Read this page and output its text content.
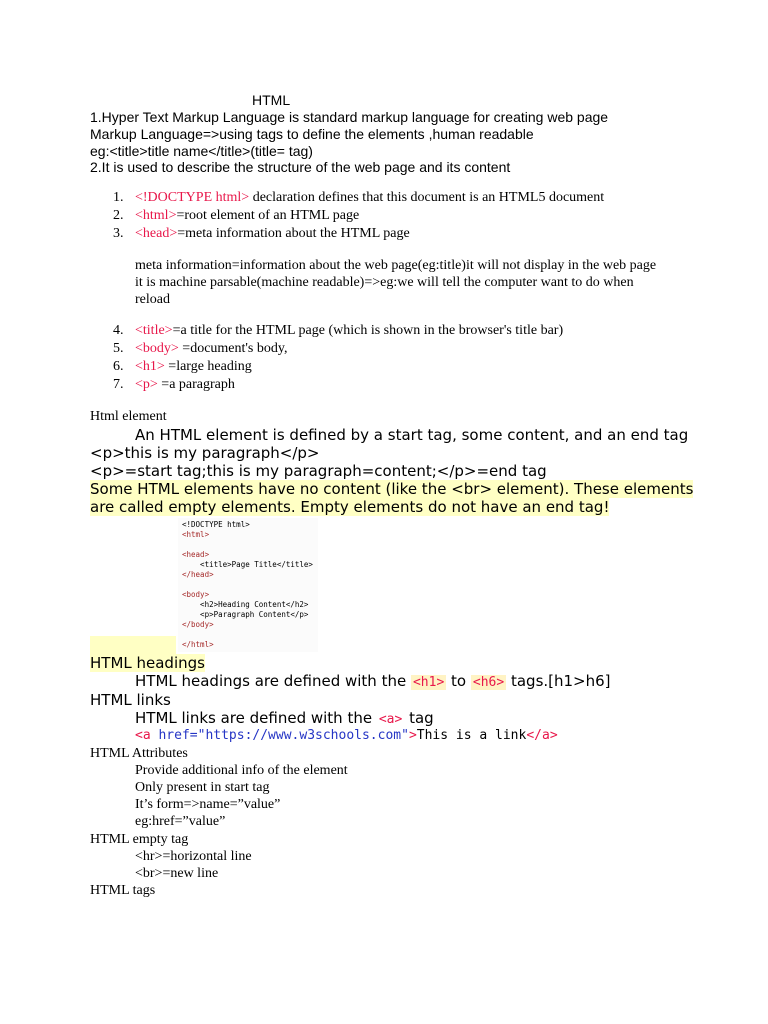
HTML
1.Hyper Text Markup Language is standard markup language for creating web page
Markup Language=>using tags to define the elements ,human readable
eg:<title>title name</title>(title= tag)
2.It is used to describe the structure of the web page and its content
1. <!DOCTYPE html> declaration defines that this document is an HTML5 document
2. <html>=root element of an HTML page
3. <head>=meta information about the HTML page
meta information=information about the web page(eg:title)it will not display in the web page
it is machine parsable(machine readable)=>eg:we will tell the computer want to do when
reload
4. <title>=a title for the HTML page (which is shown in the browser's title bar)
5. <body> =document's body,
6. <h1> =large heading
7. <p> =a paragraph
Html element
An HTML element is defined by a start tag, some content, and an end tag
<p>this is my paragraph</p>
<p>=start tag;this is my paragraph=content;</p>=end tag
Some HTML elements have no content (like the <br> element). These elements
are called empty elements. Empty elements do not have an end tag!
<!DOCTYPE html>
<html>
<head>
<title>Page Title</title>
</head>
<body>
<h2>Heading Content</h2>
<p>Paragraph Content</p>
</body>
</html>
HTML headings
HTML headings are defined with the <h1> to <h6> tags.[h1>h6]
HTML links
HTML links are defined with the <a> tag
<a href="https://www.w3schools.com">This is a link</a>
HTML Attributes
Provide additional info of the element
Only present in start tag
It’s form=>name=”value”
eg:href=”value”
HTML empty tag
<hr>=horizontal line
<br>=new line
HTML tags
